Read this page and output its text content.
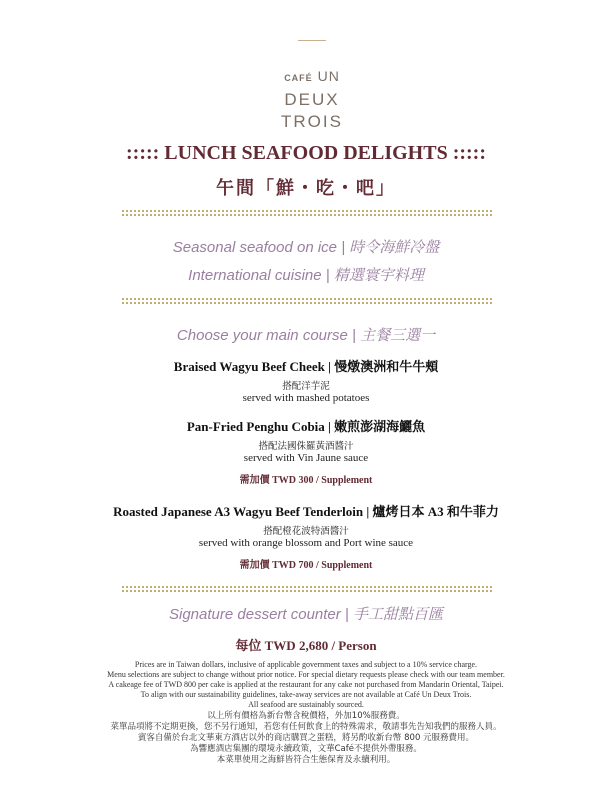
CAFÉ UN
DEUX
TROIS
::::: LUNCH SEAFOOD DELIGHTS :::::
午間「鮮・吃・吧」
Seasonal seafood on ice | 時令海鮮冷盤
International cuisine | 精選寰宇料理
Choose your main course | 主餐三選一
Braised Wagyu Beef Cheek | 慢燉澳洲和牛牛頰
搭配洋芋泥
served with mashed potatoes
Pan-Fried Penghu Cobia | 嫩煎澎湖海鱺魚
搭配法國侏羅黃酒醬汁
served with Vin Jaune sauce
需加價 TWD 300 / Supplement
Roasted Japanese A3 Wagyu Beef Tenderloin | 爐烤日本 A3 和牛菲力
搭配橙花波特酒醬汁
served with orange blossom and Port wine sauce
需加價 TWD 700 / Supplement
Signature dessert counter | 手工甜點百匯
每位 TWD 2,680 / Person
Prices are in Taiwan dollars, inclusive of applicable government taxes and subject to a 10% service charge.
Menu selections are subject to change without prior notice. For special dietary requests please check with our team member.
A cakeage fee of TWD 800 per cake is applied at the restaurant for any cake not purchased from Mandarin Oriental, Taipei.
To align with our sustainability guidelines, take-away services are not available at Café Un Deux Trois.
All seafood are sustainably sourced.
以上所有價格為新台幣含稅價格，外加10%服務費。
菜單品項將不定期更換，您不另行通知，若您有任何飲食上的特殊需求，敬請事先告知我們的服務人員。
賓客自備於台北文華東方酒店以外的商店購買之蛋糕，將另酌收新台幣 800 元服務費用。
為響應酒店集團的環境永續政策，文華Café不提供外帶服務。
本菜單使用之海鮮皆符合生態保育及永續利用。
